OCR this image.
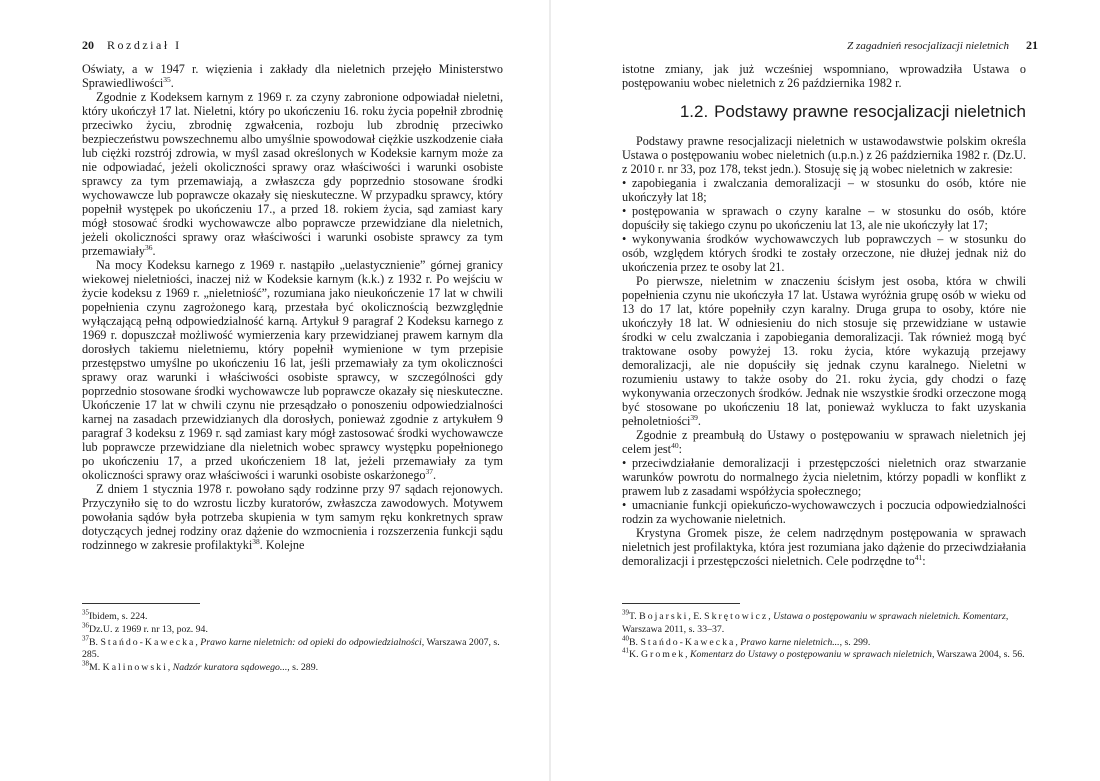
20 Rozdział I

Oświaty, a w 1947 r. więzienia i zakłady dla nieletnich przejęło Ministerstwo Sprawiedliwości$^{35}$.

Zgodnie z Kodeksem karnym z 1969 r. za czyny zabronione odpowiadał nieletni, który ukończył 17 lat. Nieletni, który po ukończeniu 16. roku życia popełnił zbrodnię przeciwko życiu, zbrodnię zgwałcenia, rozboju lub zbrodnię przeciwko bezpieczeństwu powszechnemu albo umyślnie spowodował ciężkie uszkodzenie ciała lub ciężki rozstrój zdrowia, w myśl zasad określonych w Kodeksie karnym może za nie odpowiadać, jeżeli okoliczności sprawy oraz właściwości i warunki osobiste sprawcy za tym przemawiają, a zwłaszcza gdy poprzednio stosowane środki wychowawcze lub poprawcze okazały się nieskuteczne. W przypadku sprawcy, który popełnił występek po ukończeniu 17., a przed 18. rokiem życia, sąd zamiast kary mógł stosować środki wychowawcze albo poprawcze przewidziane dla nieletnich, jeżeli okoliczności sprawy oraz właściwości i warunki osobiste sprawcy za tym przemawiały$^{36}$.

Na mocy Kodeksu karnego z 1969 r. nastąpiło „uelastycznienie” górnej granicy wiekowej nieletniości, inaczej niż w Kodeksie karnym (k.k.) z 1932 r. Po wejściu w życie kodeksu z 1969 r. „nieletniość”, rozumiana jako nieukończenie 17 lat w chwili popełnienia czynu zagrożonego karą, przestała być okolicznością bezwzględnie wyłączającą pełną odpowiedzialność karną. Artykuł 9 paragraf 2 Kodeksu karnego z 1969 r. dopuszczał możliwość wymierzenia kary przewidzianej prawem karnym dla dorosłych takiemu nieletniemu, który popełnił wymienione w tym przepisie przestępstwo umyślne po ukończeniu 16 lat, jeśli przemawiały za tym okoliczności sprawy oraz warunki i właściwości osobiste sprawcy, w szczególności gdy poprzednio stosowane środki wychowawcze lub poprawcze okazały się nieskuteczne. Ukończenie 17 lat w chwili czynu nie przesądzało o ponoszeniu odpowiedzialności karnej na zasadach przewidzianych dla dorosłych, ponieważ zgodnie z artykułem 9 paragraf 3 kodeksu z 1969 r. sąd zamiast kary mógł zastosować środki wychowawcze lub poprawcze przewidziane dla nieletnich wobec sprawcy występku popełnionego po ukończeniu 17, a przed ukończeniem 18 lat, jeżeli przemawiały za tym okoliczności sprawy oraz właściwości i warunki osobiste oskarżonego$^{37}$.

Z dniem 1 stycznia 1978 r. powołano sądy rodzinne przy 97 sądach rejonowych. Przyczyniło się to do wzrostu liczby kuratorów, zwłaszcza zawodowych. Motywem powołania sądów była potrzeba skupienia w tym samym ręku konkretnych spraw dotyczących jednej rodziny oraz dążenie do wzmocnienia i rozszerzenia funkcji sądu rodzinnego w zakresie profilaktyki$^{38}$. Kolejne

$^{35}$Ibidem, s. 224.
$^{36}$Dz.U. z 1969 r. nr 13, poz. 94.
$^{37}$B. Stańdo-Kawecka, Prawo karne nieletnich: od opieki do odpowiedzialności, Warszawa 2007, s. 285.
$^{38}$M. Kalinowski, Nadzór kuratora sądowego..., s. 289.
Z zagadnień resocjalizacji nieletnich 21

istotne zmiany, jak już wcześniej wspomniano, wprowadziła Ustawa o postępowaniu wobec nieletnich z 26 października 1982 r.

1.2. Podstawy prawne resocjalizacji nieletnich

Podstawy prawne resocjalizacji nieletnich w ustawodawstwie polskim określa Ustawa o postępowaniu wobec nieletnich (u.p.n.) z 26 października 1982 r. (Dz.U. z 2010 r. nr 33, poz 178, tekst jedn.). Stosuję się ją wobec nieletnich w zakresie:

• zapobiegania i zwalczania demoralizacji – w stosunku do osób, które nie ukończyły lat 18;

• postępowania w sprawach o czyny karalne – w stosunku do osób, które dopuściły się takiego czynu po ukończeniu lat 13, ale nie ukończyły lat 17;

• wykonywania środków wychowawczych lub poprawczych – w stosunku do osób, względem których środki te zostały orzeczone, nie dłużej jednak niż do ukończenia przez te osoby lat 21.

Po pierwsze, nieletnim w znaczeniu ścisłym jest osoba, która w chwili popełnienia czynu nie ukończyła 17 lat. Ustawa wyróżnia grupę osób w wieku od 13 do 17 lat, które popełniły czyn karalny. Druga grupa to osoby, które nie ukończyły 18 lat. W odniesieniu do nich stosuje się przewidziane w ustawie środki w celu zwalczania i zapobiegania demoralizacji. Tak również mogą być traktowane osoby powyżej 13. roku życia, które wykazują przejawy demoralizacji, ale nie dopuściły się jednak czynu karalnego. Nieletni w rozumieniu ustawy to także osoby do 21. roku życia, gdy chodzi o fazę wykonywania orzeczonych środków. Jednak nie wszystkie środki orzeczone mogą być stosowane po ukończeniu 18 lat, ponieważ wyklucza to fakt uzyskania pełnoletniości$^{39}$.

Zgodnie z preambułą do Ustawy o postępowaniu w sprawach nieletnich jej celem jest$^{40}$:

• przeciwdziałanie demoralizacji i przestępczości nieletnich oraz stwarzanie warunków powrotu do normalnego życia nieletnim, którzy popadli w konflikt z prawem lub z zasadami współżycia społecznego;

• umacnianie funkcji opiekuńczo-wychowawczych i poczucia odpowiedzialności rodzin za wychowanie nieletnich.

Krystyna Gromek pisze, że celem nadrzędnym postępowania w sprawach nieletnich jest profilaktyka, która jest rozumiana jako dążenie do przeciwdziałania demoralizacji i przestępczości nieletnich. Cele podrzędne $to^{41}$:

$^{39}$T. Bojarski, E. Skrętowicz, Ustawa o postępowaniu w sprawach nieletnich. Komentarz, Warszawa 2011, s. 33–37.
$^{40}$B. Stańdo-Kawecka, Prawo karne nieletnich..., s. 299.
$^{41}$K. Gromek, Komentarz do Ustawy o postępowaniu w sprawach nieletnich, Warszawa 2004, s. 56.
